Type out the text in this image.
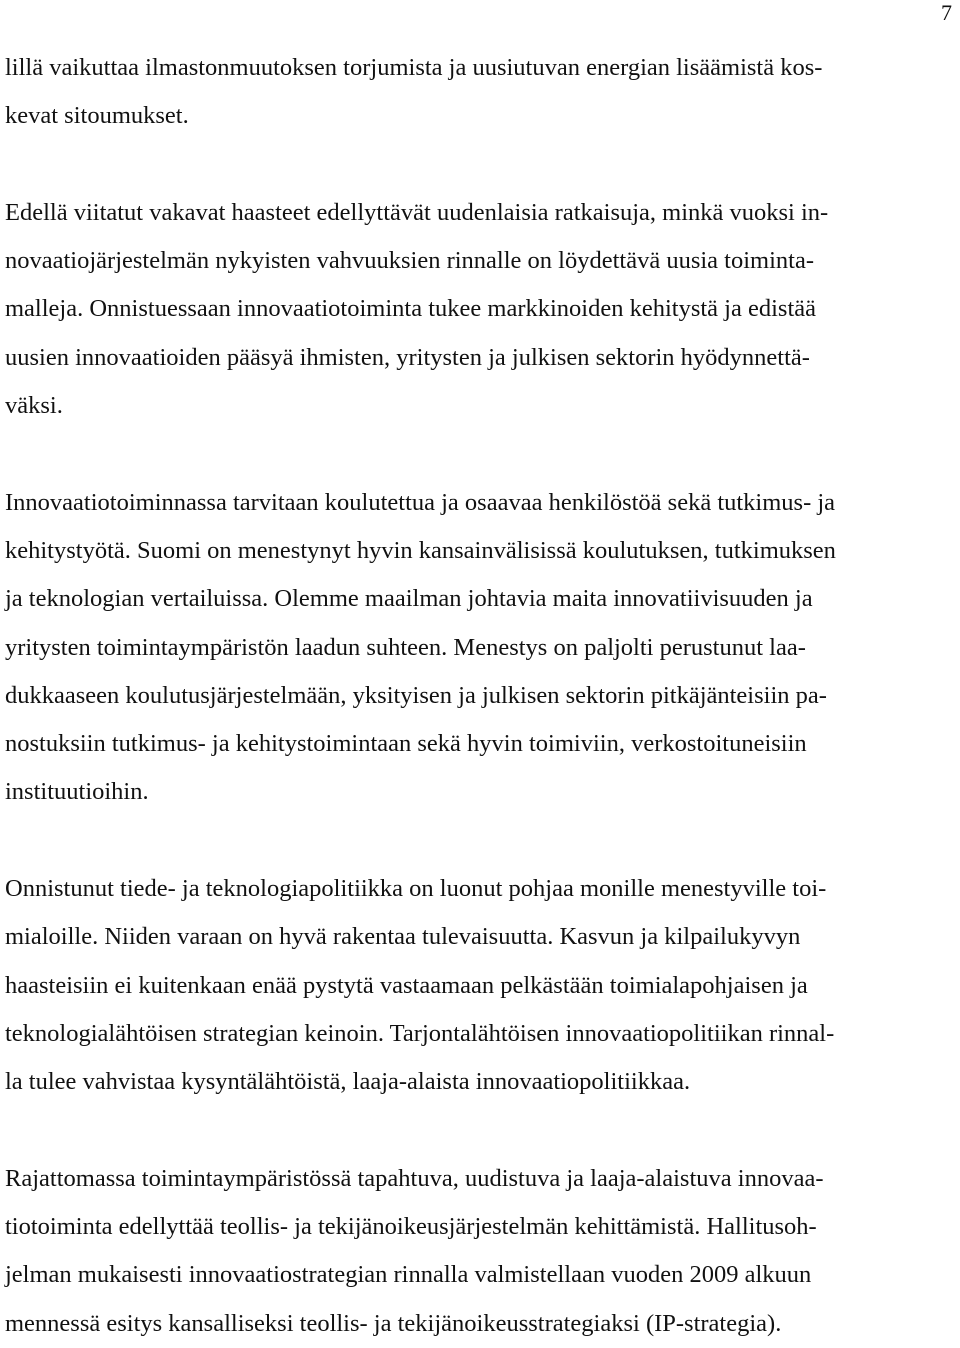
7

lillä vaikuttaa ilmastonmuutoksen torjumista ja uusiutuvan energian lisäämistä kos-
kevat sitoumukset.

Edellä viitatut vakavat haasteet edellyttävät uudenlaisia ratkaisuja, minkä vuoksi in-
novaatiojärjestelmän nykyisten vahvuuksien rinnalle on löydettävä uusia toiminta-
malleja. Onnistuessaan innovaatiotoiminta tukee markkinoiden kehitystä ja edistää
uusien innovaatioiden pääsyä ihmisten, yritysten ja julkisen sektorin hyödynnettä-
väksi.

Innovaatiotoiminnassa tarvitaan koulutettua ja osaavaa henkilöstöä sekä tutkimus- ja
kehitystyötä. Suomi on menestynyt hyvin kansainvälisissä koulutuksen, tutkimuksen
ja teknologian vertailuissa. Olemme maailman johtavia maita innovatiivisuuden ja
yritysten toimintaympäristön laadun suhteen. Menestys on paljolti perustunut laa-
dukkaaseen koulutusjärjestelmään, yksityisen ja julkisen sektorin pitkäjänteisiin pa-
nostuksiin tutkimus- ja kehitystoimintaan sekä hyvin toimiviin, verkostoituneisiin
instituutioihin.

Onnistunut tiede- ja teknologiapolitiikka on luonut pohjaa monille menestyville toi-
mialoille. Niiden varaan on hyvä rakentaa tulevaisuutta. Kasvun ja kilpailukyvyn
haasteisiin ei kuitenkaan enää pystytä vastaamaan pelkästään toimialapohjaisen ja
teknologialähtöisen strategian keinoin. Tarjontalähtöisen innovaatiopolitiikan rinnal-
la tulee vahvistaa kysyntälähtöistä, laaja-alaista innovaatiopolitiikkaa.

Rajattomassa toimintaympäristössä tapahtuva, uudistuva ja laaja-alaistuva innovaa-
tiotoiminta edellyttää teollis- ja tekijänoikeusjärjestelmän kehittämistä. Hallitusoh-
jelman mukaisesti innovaatiostrategian rinnalla valmistellaan vuoden 2009 alkuun
mennessä esitys kansalliseksi teollis- ja tekijänoikeusstrategiaksi (IP-strategia).
